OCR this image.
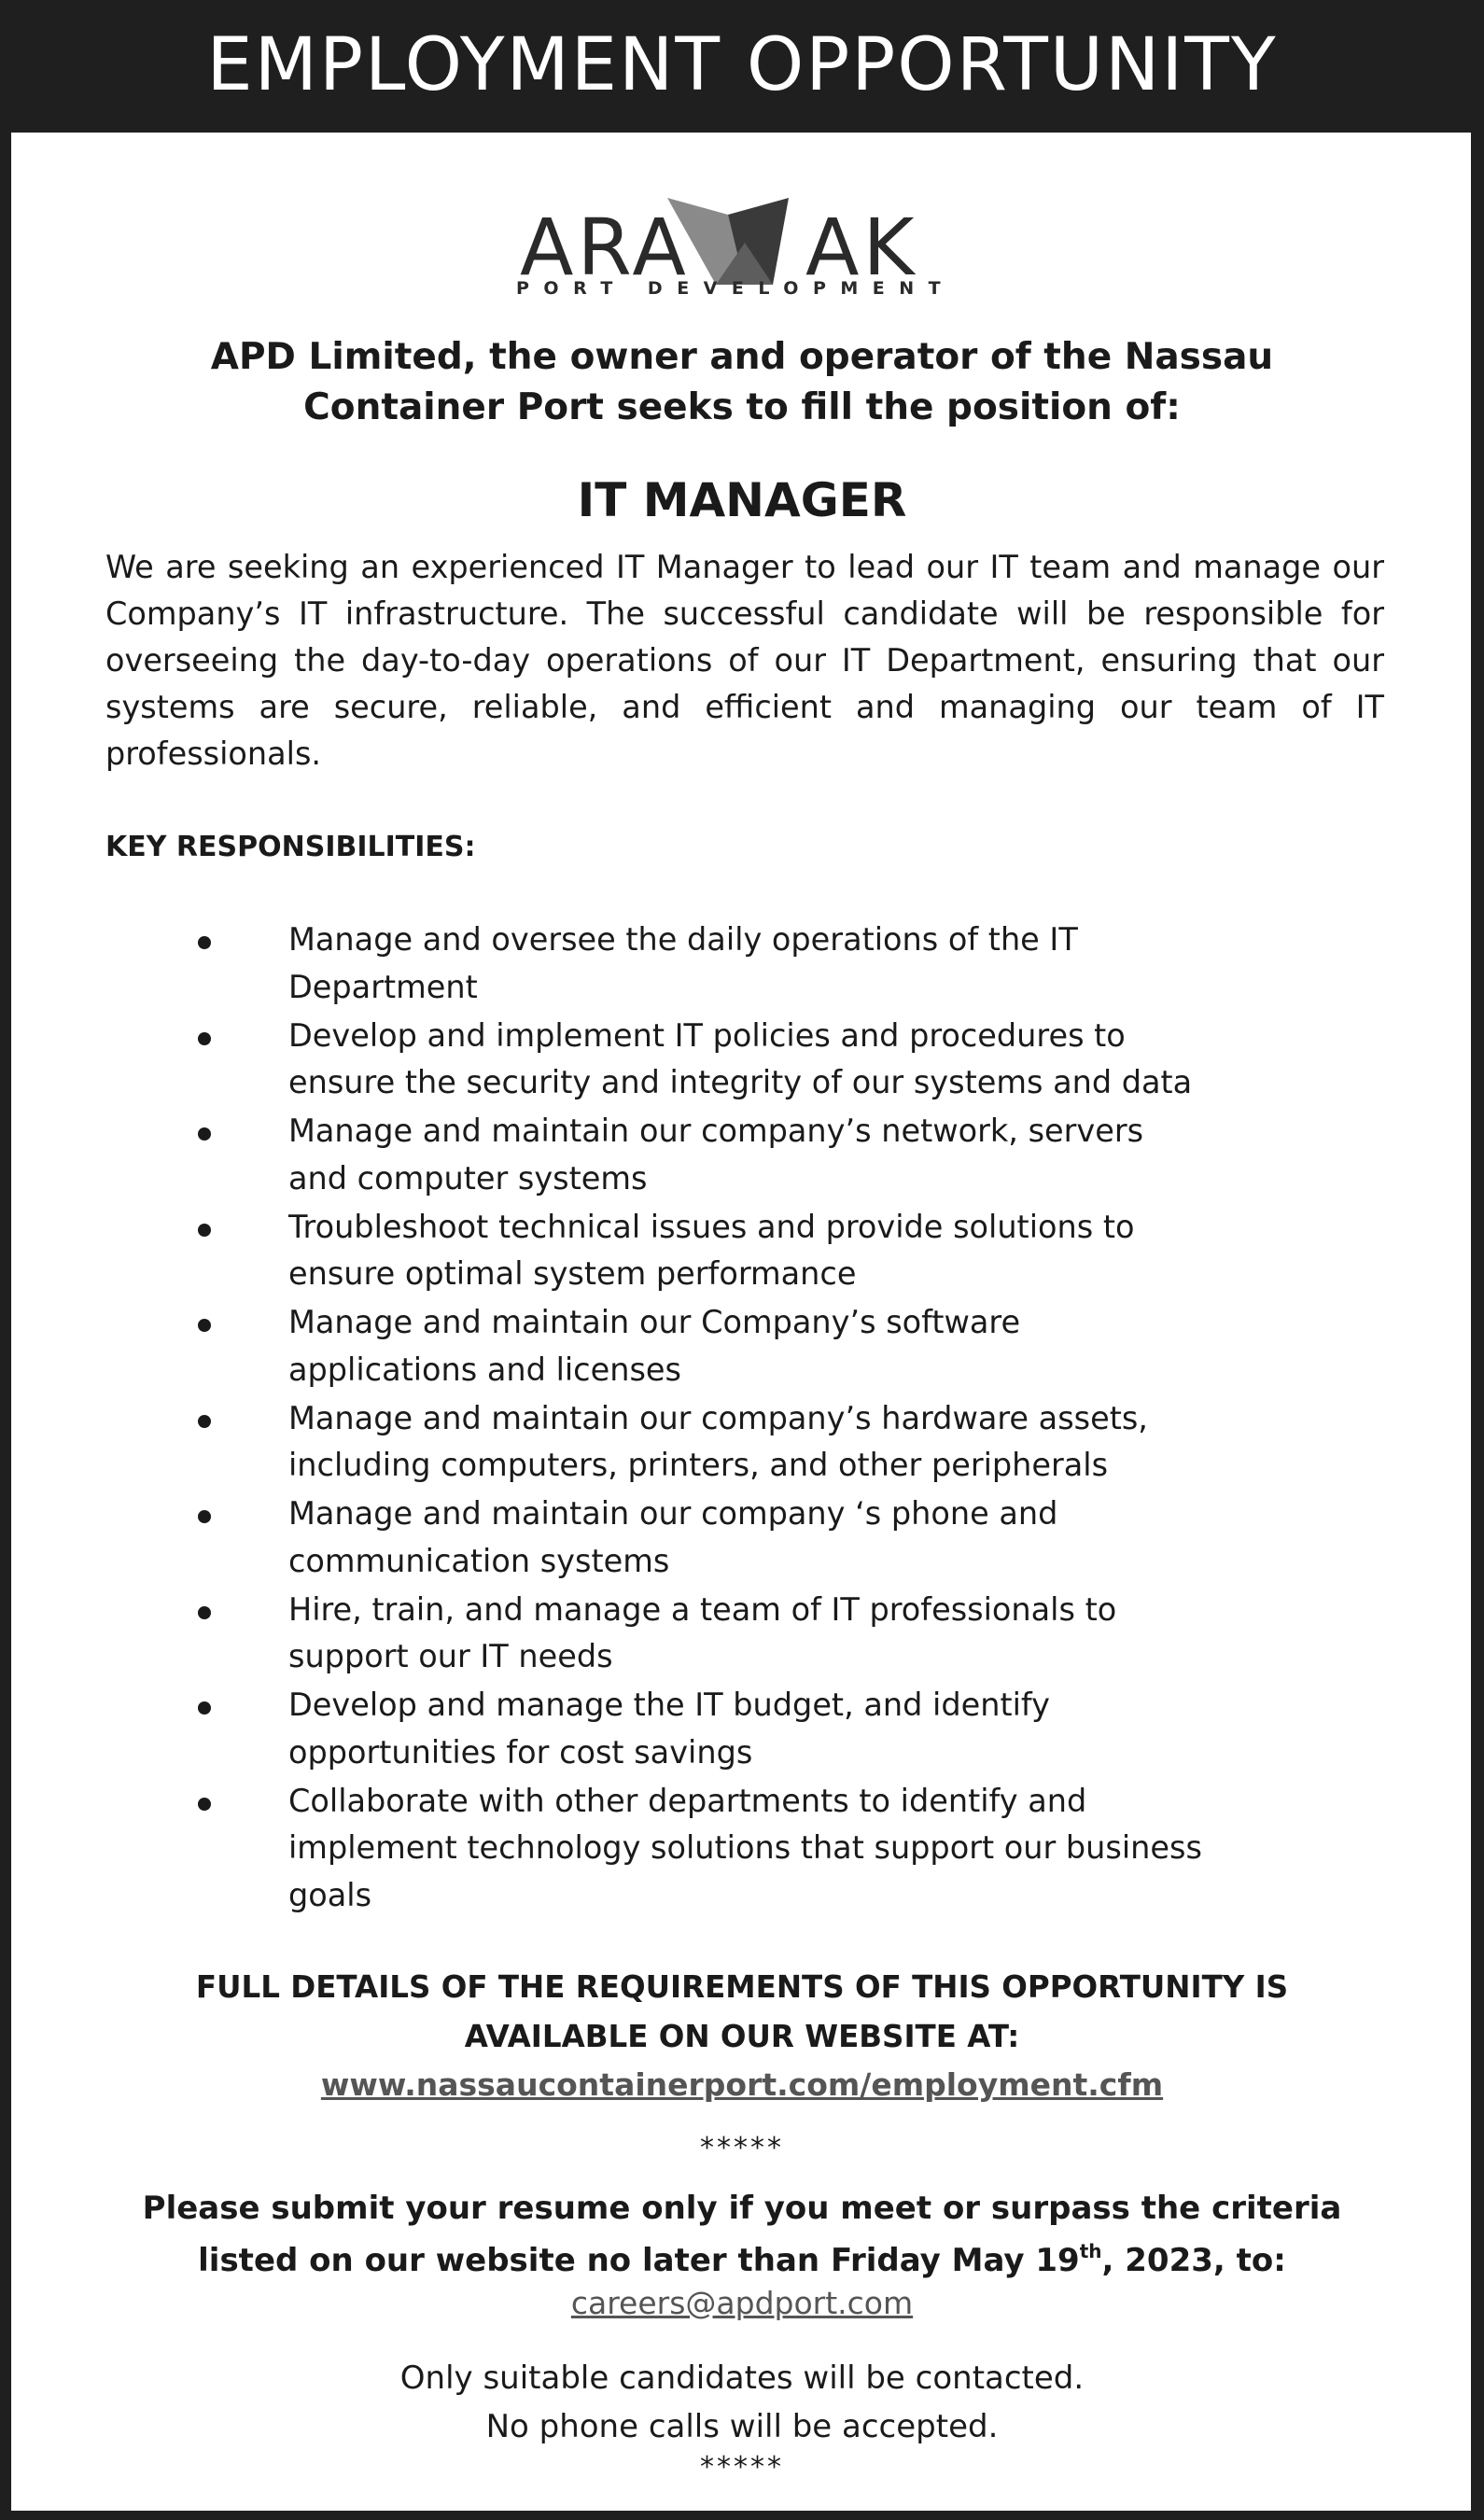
EMPLOYMENT OPPORTUNITY
ARA AK
PORT DEVELOPMENT
APD Limited, the owner and operator of the Nassau
Container Port seeks to fill the position of:
IT MANAGER

We are seeking an experienced IT Manager to lead our IT team and manage our Company’s IT infrastructure. The successful candidate will be responsible for overseeing the day-to-day operations of our IT Department, ensuring that our systems are secure, reliable, and efficient and managing our team of IT professionals.

KEY RESPONSIBILITIES:
Manage and oversee the daily operations of the IT
Department
Develop and implement IT policies and procedures to
ensure the security and integrity of our systems and data
Manage and maintain our company’s network, servers
and computer systems
Troubleshoot technical issues and provide solutions to
ensure optimal system performance
Manage and maintain our Company’s software
applications and licenses
Manage and maintain our company’s hardware assets,
including computers, printers, and other peripherals
Manage and maintain our company ‘s phone and
communication systems
Hire, train, and manage a team of IT professionals to
support our IT needs
Develop and manage the IT budget, and identify
opportunities for cost savings
Collaborate with other departments to identify and
implement technology solutions that support our business
goals
FULL DETAILS OF THE REQUIREMENTS OF THIS OPPORTUNITY IS
AVAILABLE ON OUR WEBSITE AT:
www.nassaucontainerport.com/employment.cfm
*****
Please submit your resume only if you meet or surpass the criteria
listed on our website no later than Friday May 19th, 2023, to:
careers@apdport.com
Only suitable candidates will be contacted.
No phone calls will be accepted.
*****
